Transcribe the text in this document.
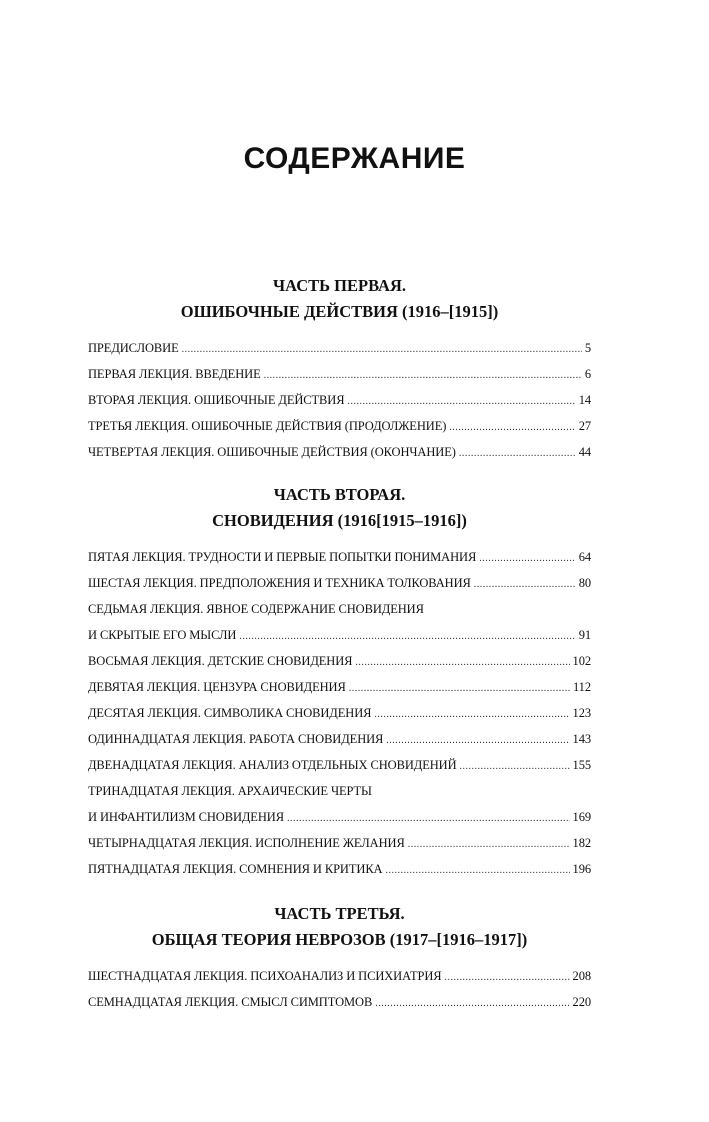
СОДЕРЖАНИЕ
ЧАСТЬ ПЕРВАЯ.
ОШИБОЧНЫЕ ДЕЙСТВИЯ (1916–[1915])
ПРЕДИСЛОВИЕ . . .	5
ПЕРВАЯ ЛЕКЦИЯ. ВВЕДЕНИЕ . . .	6
ВТОРАЯ ЛЕКЦИЯ. ОШИБОЧНЫЕ ДЕЙСТВИЯ . . .	14
ТРЕТЬЯ ЛЕКЦИЯ. ОШИБОЧНЫЕ ДЕЙСТВИЯ (ПРОДОЛЖЕНИЕ) . . .	27
ЧЕТВЕРТАЯ ЛЕКЦИЯ. ОШИБОЧНЫЕ ДЕЙСТВИЯ (ОКОНЧАНИЕ) . . .	44
ЧАСТЬ ВТОРАЯ.
СНОВИДЕНИЯ (1916[1915–1916])
ПЯТАЯ ЛЕКЦИЯ. ТРУДНОСТИ И ПЕРВЫЕ ПОПЫТКИ ПОНИМАНИЯ . . .	64
ШЕСТАЯ ЛЕКЦИЯ. ПРЕДПОЛОЖЕНИЯ И ТЕХНИКА ТОЛКОВАНИЯ . . .	80
СЕДЬМАЯ ЛЕКЦИЯ. ЯВНОЕ СОДЕРЖАНИЕ СНОВИДЕНИЯ
И СКРЫТЫЕ ЕГО МЫСЛИ . . .	91
ВОСЬМАЯ ЛЕКЦИЯ. ДЕТСКИЕ СНОВИДЕНИЯ . . .	102
ДЕВЯТАЯ ЛЕКЦИЯ. ЦЕНЗУРА СНОВИДЕНИЯ . . .	112
ДЕСЯТАЯ ЛЕКЦИЯ. СИМВОЛИКА СНОВИДЕНИЯ . . .	123
ОДИННАДЦАТАЯ ЛЕКЦИЯ. РАБОТА СНОВИДЕНИЯ . . .	143
ДВЕНАДЦАТАЯ ЛЕКЦИЯ. АНАЛИЗ ОТДЕЛЬНЫХ СНОВИДЕНИЙ . . .	155
ТРИНАДЦАТАЯ ЛЕКЦИЯ. АРХАИЧЕСКИЕ ЧЕРТЫ
И ИНФАНТИЛИЗМ СНОВИДЕНИЯ . . .	169
ЧЕТЫРНАДЦАТАЯ ЛЕКЦИЯ. ИСПОЛНЕНИЕ ЖЕЛАНИЯ . . .	182
ПЯТНАДЦАТАЯ ЛЕКЦИЯ. СОМНЕНИЯ И КРИТИКА . . .	196
ЧАСТЬ ТРЕТЬЯ.
ОБЩАЯ ТЕОРИЯ НЕВРОЗОВ (1917–[1916–1917])
ШЕСТНАДЦАТАЯ ЛЕКЦИЯ. ПСИХОАНАЛИЗ И ПСИХИАТРИЯ . . .	208
СЕМНАДЦАТАЯ ЛЕКЦИЯ. СМЫСЛ СИМПТОМОВ . . .	220
